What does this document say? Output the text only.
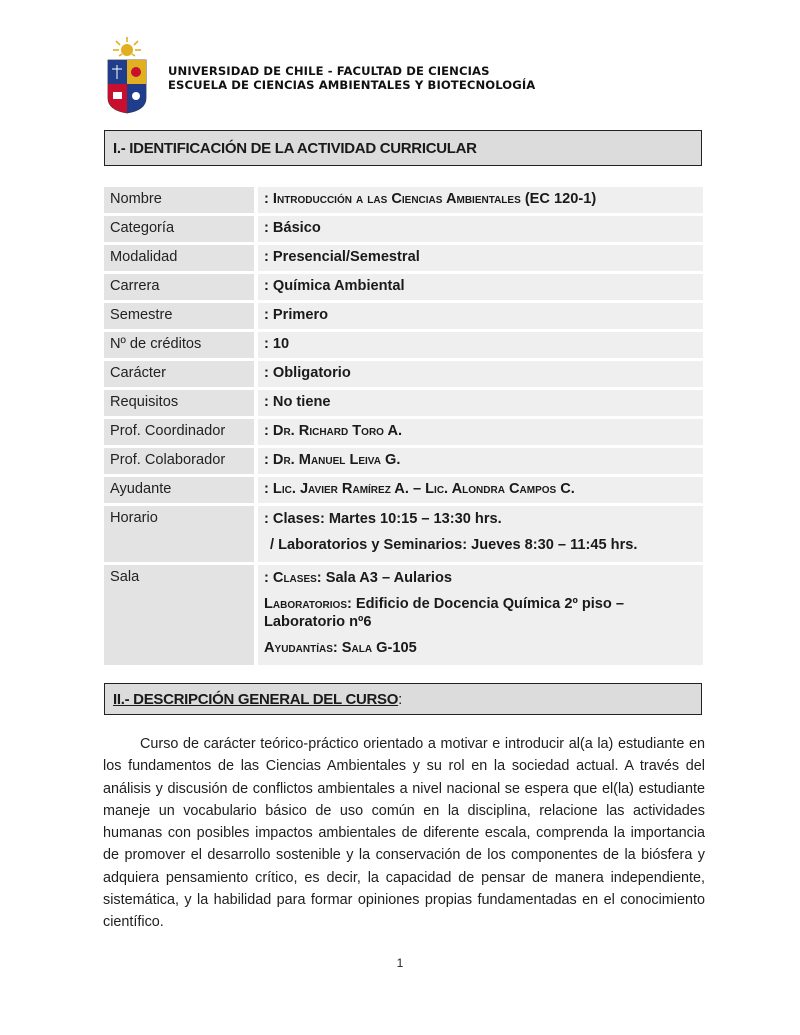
UNIVERSIDAD DE CHILE - FACULTAD DE CIENCIAS
ESCUELA DE CIENCIAS AMBIENTALES Y BIOTECNOLOGÍA
I.- IDENTIFICACIÓN DE LA ACTIVIDAD CURRICULAR
Nombre		: Introducción a las Ciencias Ambientales (EC 120-1)
Categoría		: Básico
Modalidad		: Presencial/Semestral
Carrera		: Química Ambiental
Semestre		: Primero
Nº de créditos		: 10
Carácter		: Obligatorio
Requisitos		: No tiene
Prof. Coordinador		: Dr. Richard Toro A.
Prof. Colaborador		: Dr. Manuel Leiva G.
Ayudante		: Lic. Javier Ramírez A. – Lic. Alondra Campos C.
Horario		: Clases: Martes 10:15 – 13:30 hrs.

/ Laboratorios y Seminarios: Jueves 8:30 – 11:45 hrs.

Sala		: Clases: Sala A3 – Aularios

Laboratorios: Edificio de Docencia Química 2º piso – Laboratorio nº6

Ayudantías: Sala G-105

II.- DESCRIPCIÓN GENERAL DEL CURSO :
Curso de carácter teórico-práctico orientado a motivar e introducir al(a la) estudiante en los fundamentos de las Ciencias Ambientales y su rol en la sociedad actual. A través del análisis y discusión de conflictos ambientales a nivel nacional se espera que el(la) estudiante maneje un vocabulario básico de uso común en la disciplina, relacione las actividades humanas con posibles impactos ambientales de diferente escala, comprenda la importancia de promover el desarrollo sostenible y la conservación de los componentes de la biósfera y adquiera pensamiento crítico, es decir, la capacidad de pensar de manera independiente, sistemática, y la habilidad para formar opiniones propias fundamentadas en el conocimiento científico.
1
